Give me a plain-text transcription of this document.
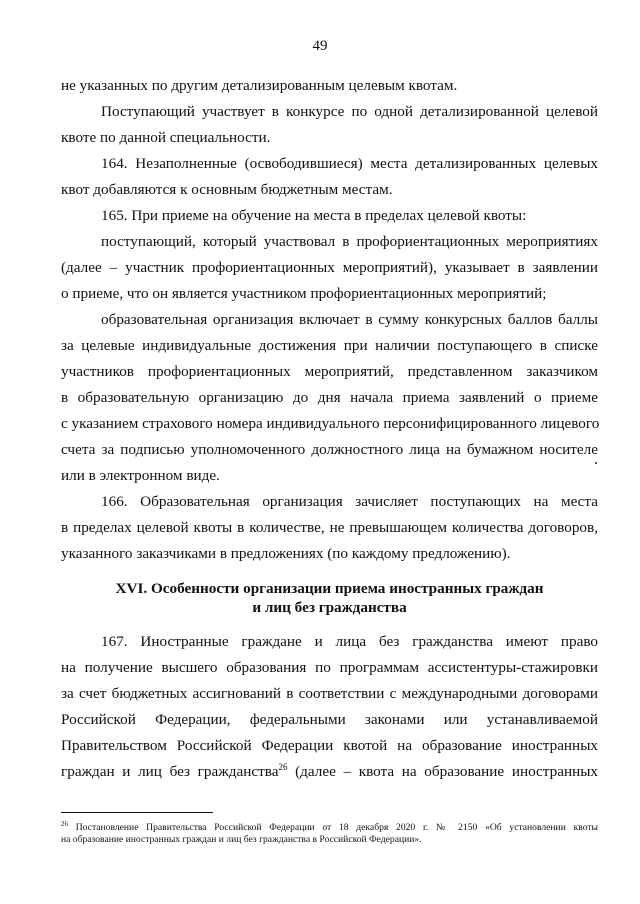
49
не указанных по другим детализированным целевым квотам.
Поступающий участвует в конкурсе по одной детализированной целевой
квоте по данной специальности.
164. Незаполненные (освободившиеся) места детализированных целевых
квот добавляются к основным бюджетным местам.
165. При приеме на обучение на места в пределах целевой квоты:
поступающий, который участвовал в профориентационных мероприятиях
(далее – участник профориентационных мероприятий), указывает в заявлении
о приеме, что он является участником профориентационных мероприятий;
образовательная организация включает в сумму конкурсных баллов баллы
за целевые индивидуальные достижения при наличии поступающего в списке
участников профориентационных мероприятий, представленном заказчиком
в образовательную организацию до дня начала приема заявлений о приеме
с указанием страхового номера индивидуального персонифицированного лицевого
счета за подписью уполномоченного должностного лица на бумажном носителе
или в электронном виде.
166. Образовательная организация зачисляет поступающих на места
в пределах целевой квоты в количестве, не превышающем количества договоров,
указанного заказчиками в предложениях (по каждому предложению).
XVI. Особенности организации приема иностранных граждан
и лиц без гражданства
167. Иностранные граждане и лица без гражданства имеют право
на получение высшего образования по программам ассистентуры-стажировки
за счет бюджетных ассигнований в соответствии с международными договорами
Российской Федерации, федеральными законами или устанавливаемой
Правительством Российской Федерации квотой на образование иностранных
граждан и лиц без гражданства$^{26}$ (далее – квота на образование иностранных
$^{26}$ Постановление Правительства Российской Федерации от 18 декабря 2020 г. № 2150 «Об установлении квоты
на образование иностранных граждан и лиц без гражданства в Российской Федерации».
